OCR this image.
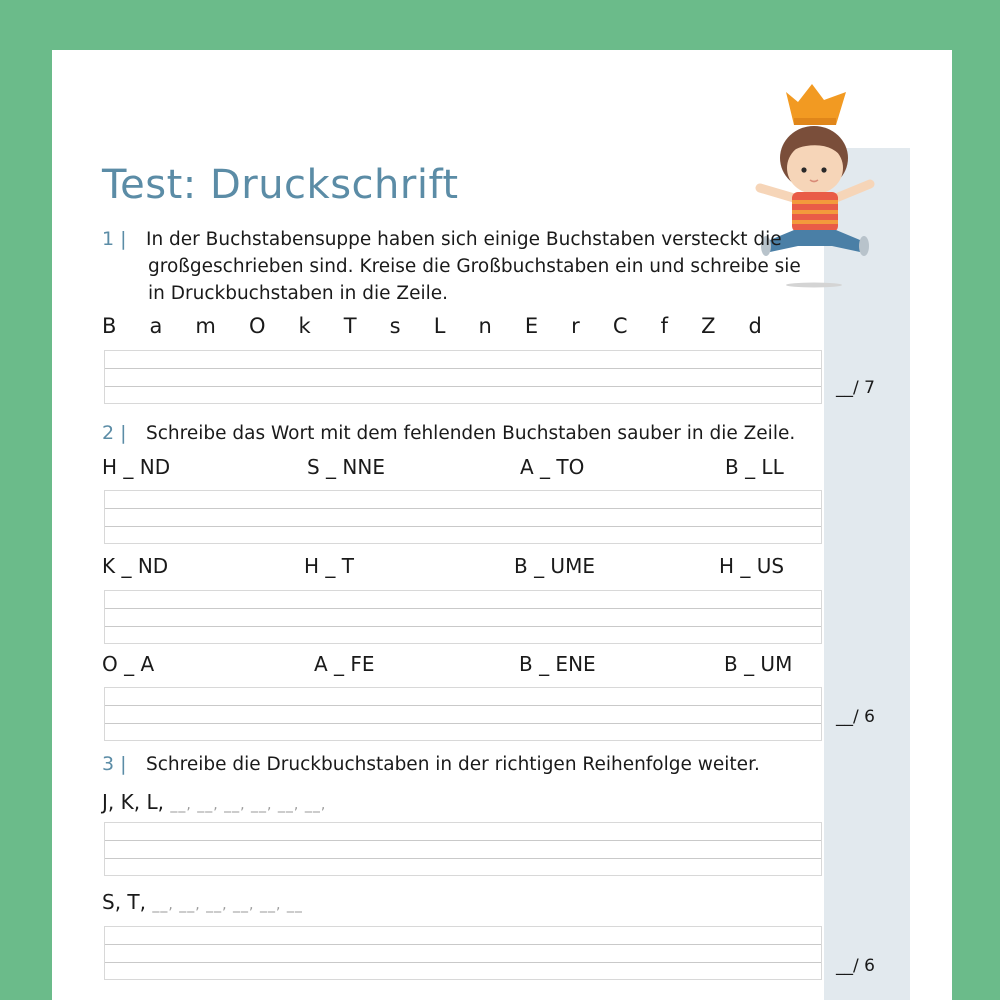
Test: Druckschrift
1 | In der Buchstabensuppe haben sich einige Buchstaben versteckt die
großgeschrieben sind. Kreise die Großbuchstaben ein und schreibe sie
in Druckbuchstaben in die Zeile.
B a m O k T s L n E r C f Z d
__/ 7
2 | Schreibe das Wort mit dem fehlenden Buchstaben sauber in die Zeile.
H _ ND	S _ NNE	A _ TO	B _ LL
K _ ND	H _ T	B _ UME	H _ US
O _ A	A _ FE	B _ ENE	B _ UM
__/ 6
3 | Schreibe die Druckbuchstaben in der richtigen Reihenfolge weiter.
J, K, L, __, __, __, __, __, __,
S, T, __, __, __, __, __, __
__/ 6
